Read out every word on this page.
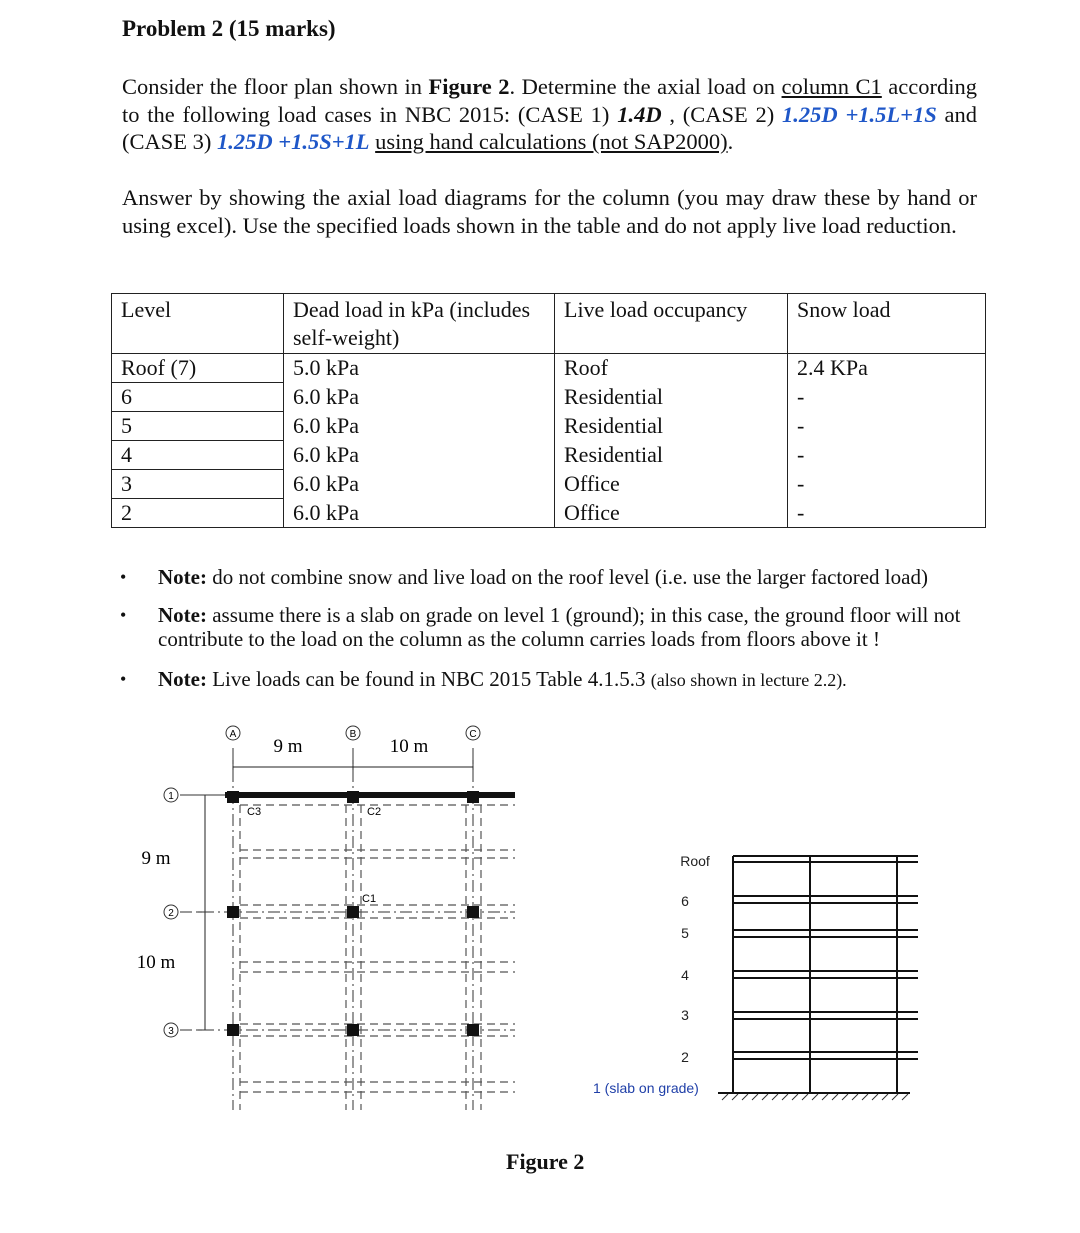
Problem 2 (15 marks)
Consider the floor plan shown in Figure 2. Determine the axial load on column C1 according to the following load cases in NBC 2015: (CASE 1) 1.4D , (CASE 2) 1.25D +1.5L+1S and (CASE 3) 1.25D +1.5S+1L using hand calculations (not SAP2000).
Answer by showing the axial load diagrams for the column (you may draw these by hand or using excel). Use the specified loads shown in the table and do not apply live load reduction.
Level	Dead load in kPa (includes self-weight)	Live load occupancy	Snow load
Roof (7)	5.0 kPa	Roof	2.4 KPa
6	6.0 kPa	Residential	-
5	6.0 kPa	Residential	-
4	6.0 kPa	Residential	-
3	6.0 kPa	Office	-
2	6.0 kPa	Office	-
• Note: do not combine snow and live load on the roof level (i.e. use the larger factored load)
• Note: assume there is a slab on grade on level 1 (ground); in this case, the ground floor will not contribute to the load on the column as the column carries loads from floors above it !
• Note: Live loads can be found in NBC 2015 Table 4.1.5.3 (also shown in lecture 2.2).
A	B	C
1
2
3
9 m	10 m
9 m
10 m
C3	C2
C1
Roof
6
5
4
3
2
1 (slab on grade)
Figure 2
